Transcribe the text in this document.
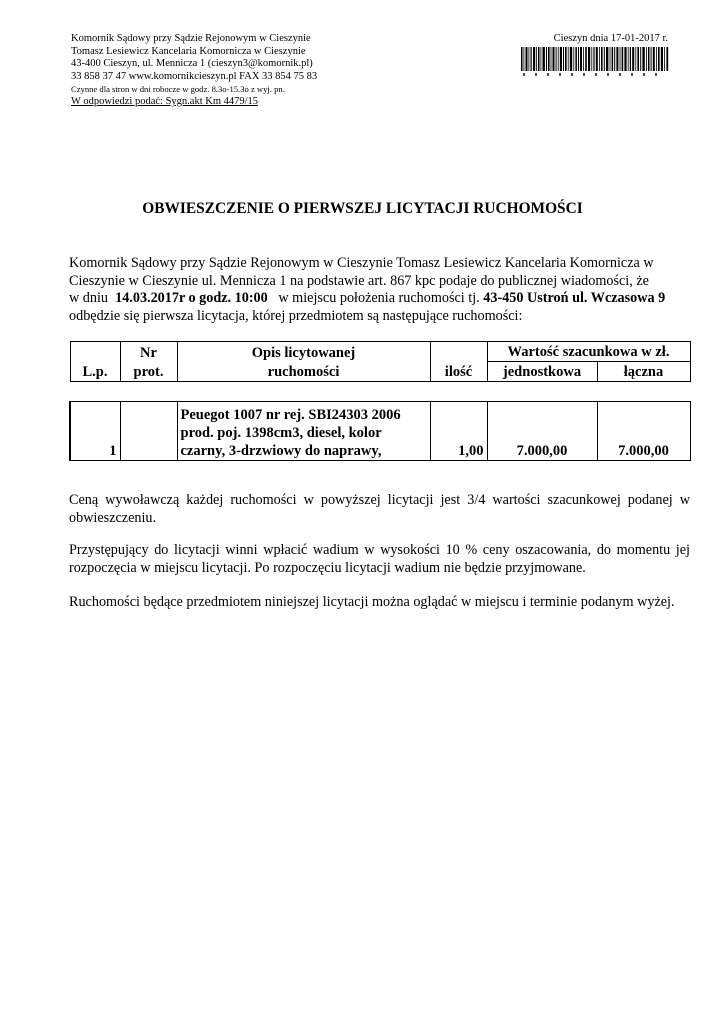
Komornik Sądowy przy Sądzie Rejonowym w Cieszynie
Tomasz Lesiewicz Kancelaria Komornicza w Cieszynie
43-400 Cieszyn, ul. Mennicza 1 (cieszyn3@komornik.pl)
33 858 37 47 www.komornikcieszyn.pl FAX 33 854 75 83
Czynne dla stron w dni robocze w godz. 8.3o-15.3o z wyj. pn.
W odpowiedzi podać: Sygn.akt Km 4479/15
Cieszyn dnia 17-01-2017 r.
OBWIESZCZENIE O PIERWSZEJ LICYTACJI RUCHOMOŚCI
Komornik Sądowy przy Sądzie Rejonowym w Cieszynie Tomasz Lesiewicz Kancelaria Komornicza w
Cieszynie w Cieszynie ul. Mennicza 1 na podstawie art. 867 kpc podaje do publicznej wiadomości, że
w dniu 14.03.2017r o godz. 10:00 w miejscu położenia ruchomości tj. 43-450 Ustroń ul. Wczasowa 9
odbędzie się pierwsza licytacja, której przedmiotem są następujące ruchomości:
	Nr	Opis licytowanej		Wartość szacunkowa w zł.	
L.p.	prot.	ruchomości	ilość	jednostkowa	łączna

1		Peuegot 1007 nr rej. SBI24303 2006
prod. poj. 1398cm3, diesel, kolor
czarny, 3-drzwiowy do naprawy,	1,00	7.000,00	7.000,00
Ceną wywoławczą każdej ruchomości w powyższej licytacji jest 3/4 wartości szacunkowej podanej w obwieszczeniu.
Przystępujący do licytacji winni wpłacić wadium w wysokości 10 % ceny oszacowania, do momentu jej rozpoczęcia w miejscu licytacji. Po rozpoczęciu licytacji wadium nie będzie przyjmowane.
Ruchomości będące przedmiotem niniejszej licytacji można oglądać w miejscu i terminie podanym wyżej.
